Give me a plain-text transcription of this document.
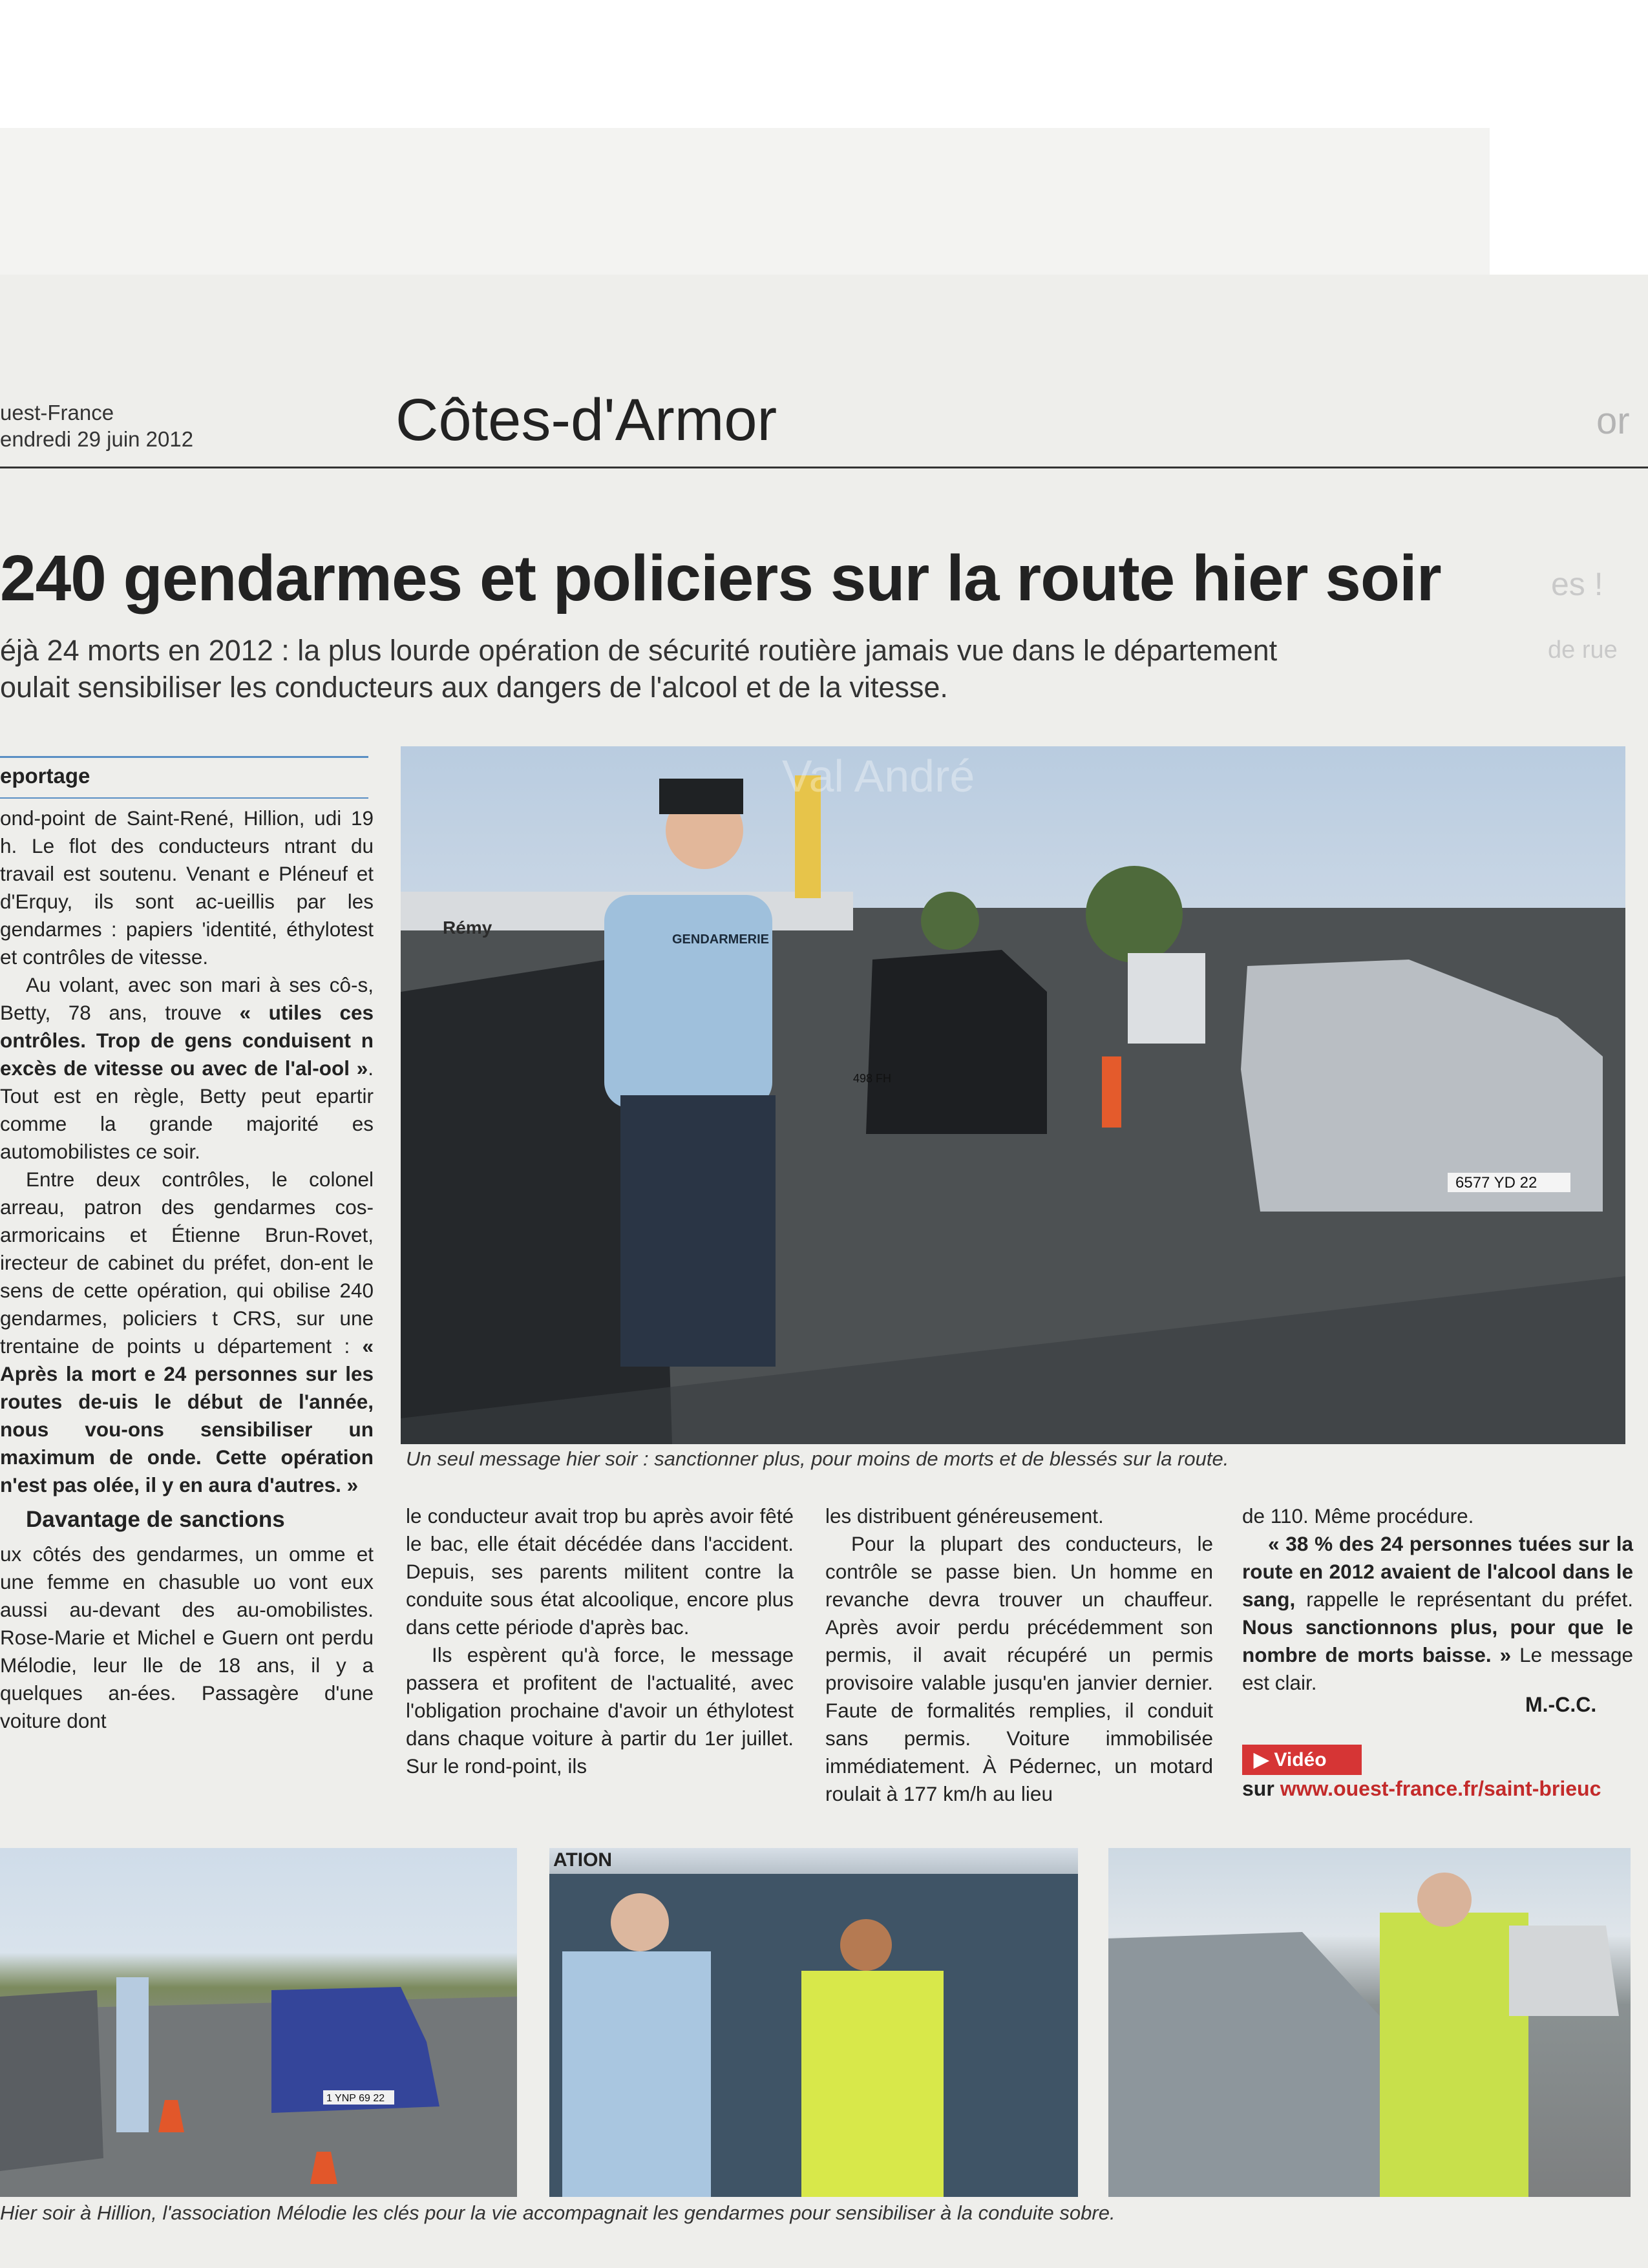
uest-France
endredi 29 juin 2012	Côtes-d'Armor	or
240 gendarmes et policiers sur la route hier soir	es !
de rue
éjà 24 morts en 2012 : la plus lourde opération de sécurité routière jamais vue dans le département
oulait sensibiliser les conducteurs aux dangers de l'alcool et de la vitesse.
eportage

ond-point de Saint-René, Hillion, udi 19 h. Le flot des conducteurs ntrant du travail est soutenu. Venant e Pléneuf et d'Erquy, ils sont ac-ueillis par les gendarmes : papiers 'identité, éthylotest et contrôles de vitesse.

Au volant, avec son mari à ses cô-s, Betty, 78 ans, trouve « utiles ces ontrôles. Trop de gens conduisent n excès de vitesse ou avec de l'al-ool ». Tout est en règle, Betty peut epartir comme la grande majorité es automobilistes ce soir.

Entre deux contrôles, le colonel arreau, patron des gendarmes cos-armoricains et Étienne Brun-Rovet, irecteur de cabinet du préfet, don-ent le sens de cette opération, qui obilise 240 gendarmes, policiers t CRS, sur une trentaine de points u département : « Après la mort e 24 personnes sur les routes de-uis le début de l'année, nous vou-ons sensibiliser un maximum de onde. Cette opération n'est pas olée, il y en aura d'autres. »

Davantage de sanctions

ux côtés des gendarmes, un omme et une femme en chasuble uo vont eux aussi au-devant des au-omobilistes. Rose-Marie et Michel e Guern ont perdu Mélodie, leur lle de 18 ans, il y a quelques an-ées. Passagère d'une voiture dont

GENDARMERIE
6577 YD 22
498 FH
Rémy
Val André
Un seul message hier soir : sanctionner plus, pour moins de morts et de blessés sur la route.

le conducteur avait trop bu après avoir fêté le bac, elle était décédée dans l'accident. Depuis, ses parents militent contre la conduite sous état alcoolique, encore plus dans cette période d'après bac.

Ils espèrent qu'à force, le message passera et profitent de l'actualité, avec l'obligation prochaine d'avoir un éthylotest dans chaque voiture à partir du 1er juillet. Sur le rond-point, ils

les distribuent généreusement.

Pour la plupart des conducteurs, le contrôle se passe bien. Un homme en revanche devra trouver un chauffeur. Après avoir perdu précédemment son permis, il avait récupéré un permis provisoire valable jusqu'en janvier dernier. Faute de formalités remplies, il conduit sans permis. Voiture immobilisée immédiatement. À Pédernec, un motard roulait à 177 km/h au lieu

de 110. Même procédure.

« 38 % des 24 personnes tuées sur la route en 2012 avaient de l'alcool dans le sang, rappelle le représentant du préfet. Nous sanctionnons plus, pour que le nombre de morts baisse. » Le message est clair.

M.-C.C.
▶ Vidéo
sur www.ouest-france.fr/saint-brieuc
1 YNP 69 22
ATION
Hier soir à Hillion, l'association Mélodie les clés pour la vie accompagnait les gendarmes pour sensibiliser à la conduite sobre.
